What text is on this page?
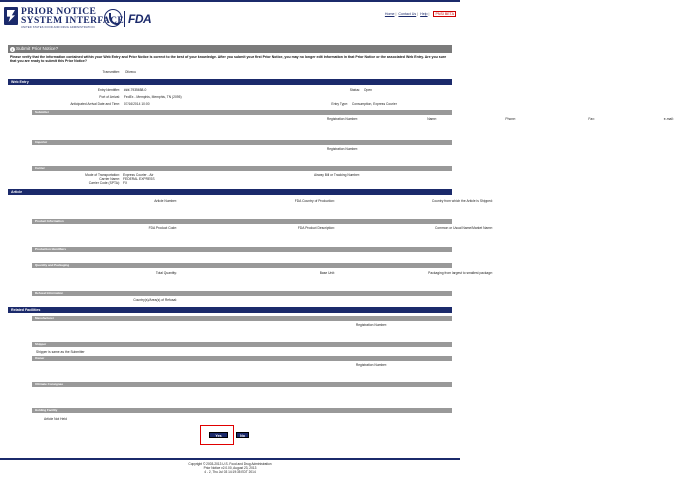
PRIOR NOTICE
SYSTEM INTERFACE
UNITED STATES FOOD AND DRUG ADMINISTRATION
FDA	Home| Contact Us| Help| PNSI BETA
i
Submit Prior Notice?
Please verify that the information contained within your Web Entry and Prior Notice is correct to the best of your knowledge. After you submit your first Prior Notice, you may no longer edit information in that Prior Notice or the associated Web Entry. Are you sure that you are ready to submit this Prior Notice?
Transmitter: Olivecu
Web Entry
Entry Identifier: ###-7935658-0	Status: Open
Port of Arrival: FedEx - Memphis, Memphis, TN (2095)
Anticipated Arrival Date and Time: 07/16/2014 10:00	Entry Type: Consumption, Express Courier
Submitter
Registration Number:	Name:	Phone:	Fax:	e-mail:
Importer
Registration Number:
Carrier
Mode of Transportation: Express Courier - Air
Carrier Name: FEDERAL EXPRESS
Carrier Code (SPTA): FX
Airway Bill or Tracking Number:
Article
Article Number:	FDA Country of Production:	Country from which the Article is Shipped:
Product Information
FDA Product Code:	FDA Product Description:	Common or Usual Name/Market Name:
Production Identifiers
Quantity and Packaging
Total Quantity:	Base Unit:	Packaging from largest to smallest package:
Refusal Information
Country(s)/Area(s) of Refusal:
Related Facilities
Manufacturer
Registration Number:
Shipper
Shipper is same as the Submitter
Owner
Registration Number:
Ultimate Consignee
Holding Facility
Article Not Held
Yes	No
Copyright © 2003-2013 U.S. Food and Drug Administration
Prior Notice v2.0.00, August 23, 2013
4 - 2, Thu Jul 03 14:19:35 EDT 2014
